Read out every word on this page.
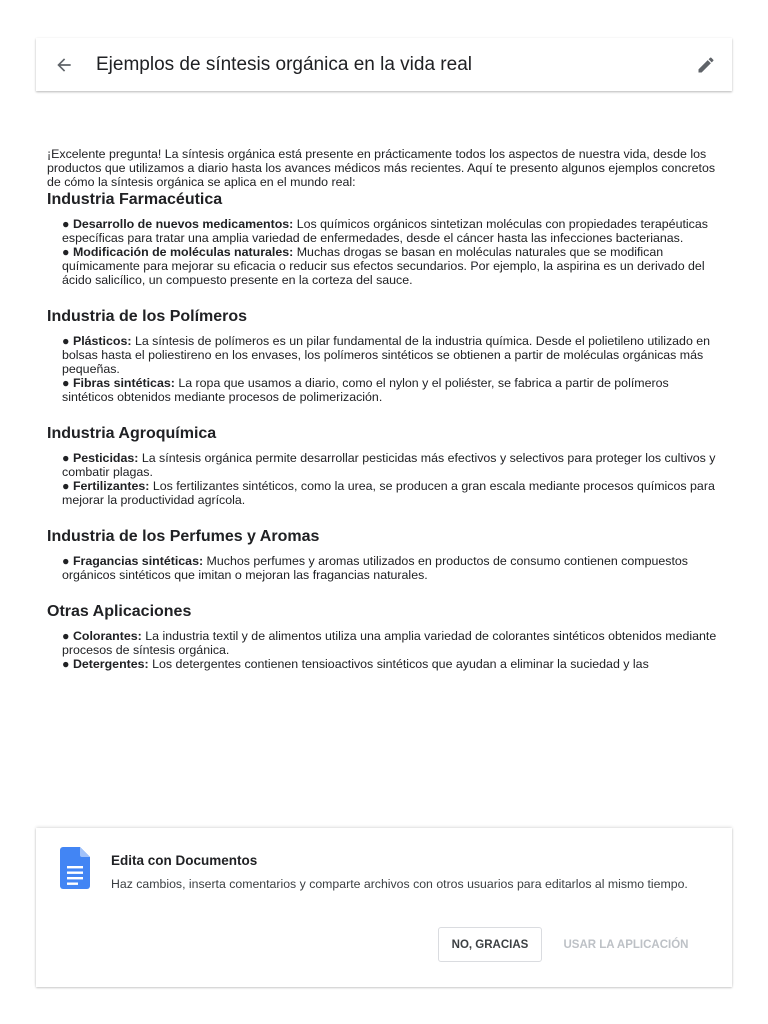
Ejemplos de síntesis orgánica en la vida real

¡Excelente pregunta! La síntesis orgánica está presente en prácticamente todos los aspectos de nuestra vida, desde los productos que utilizamos a diario hasta los avances médicos más recientes. Aquí te presento algunos ejemplos concretos de cómo la síntesis orgánica se aplica en el mundo real:

Industria Farmacéutica

● Desarrollo de nuevos medicamentos: Los químicos orgánicos sintetizan moléculas con propiedades terapéuticas específicas para tratar una amplia variedad de enfermedades, desde el cáncer hasta las infecciones bacterianas.

● Modificación de moléculas naturales: Muchas drogas se basan en moléculas naturales que se modifican químicamente para mejorar su eficacia o reducir sus efectos secundarios. Por ejemplo, la aspirina es un derivado del ácido salicílico, un compuesto presente en la corteza del sauce.

Industria de los Polímeros

● Plásticos: La síntesis de polímeros es un pilar fundamental de la industria química. Desde el polietileno utilizado en bolsas hasta el poliestireno en los envases, los polímeros sintéticos se obtienen a partir de moléculas orgánicas más pequeñas.

● Fibras sintéticas: La ropa que usamos a diario, como el nylon y el poliéster, se fabrica a partir de polímeros sintéticos obtenidos mediante procesos de polimerización.

Industria Agroquímica

● Pesticidas: La síntesis orgánica permite desarrollar pesticidas más efectivos y selectivos para proteger los cultivos y combatir plagas.

● Fertilizantes: Los fertilizantes sintéticos, como la urea, se producen a gran escala mediante procesos químicos para mejorar la productividad agrícola.

Industria de los Perfumes y Aromas

● Fragancias sintéticas: Muchos perfumes y aromas utilizados en productos de consumo contienen compuestos orgánicos sintéticos que imitan o mejoran las fragancias naturales.

Otras Aplicaciones

● Colorantes: La industria textil y de alimentos utiliza una amplia variedad de colorantes sintéticos obtenidos mediante procesos de síntesis orgánica.

● Detergentes: Los detergentes contienen tensioactivos sintéticos que ayudan a eliminar la suciedad y las

Edita con Documentos
Haz cambios, inserta comentarios y comparte archivos con otros usuarios para editarlos al mismo tiempo.
NO, GRACIAS	USAR LA APLICACIÓN
